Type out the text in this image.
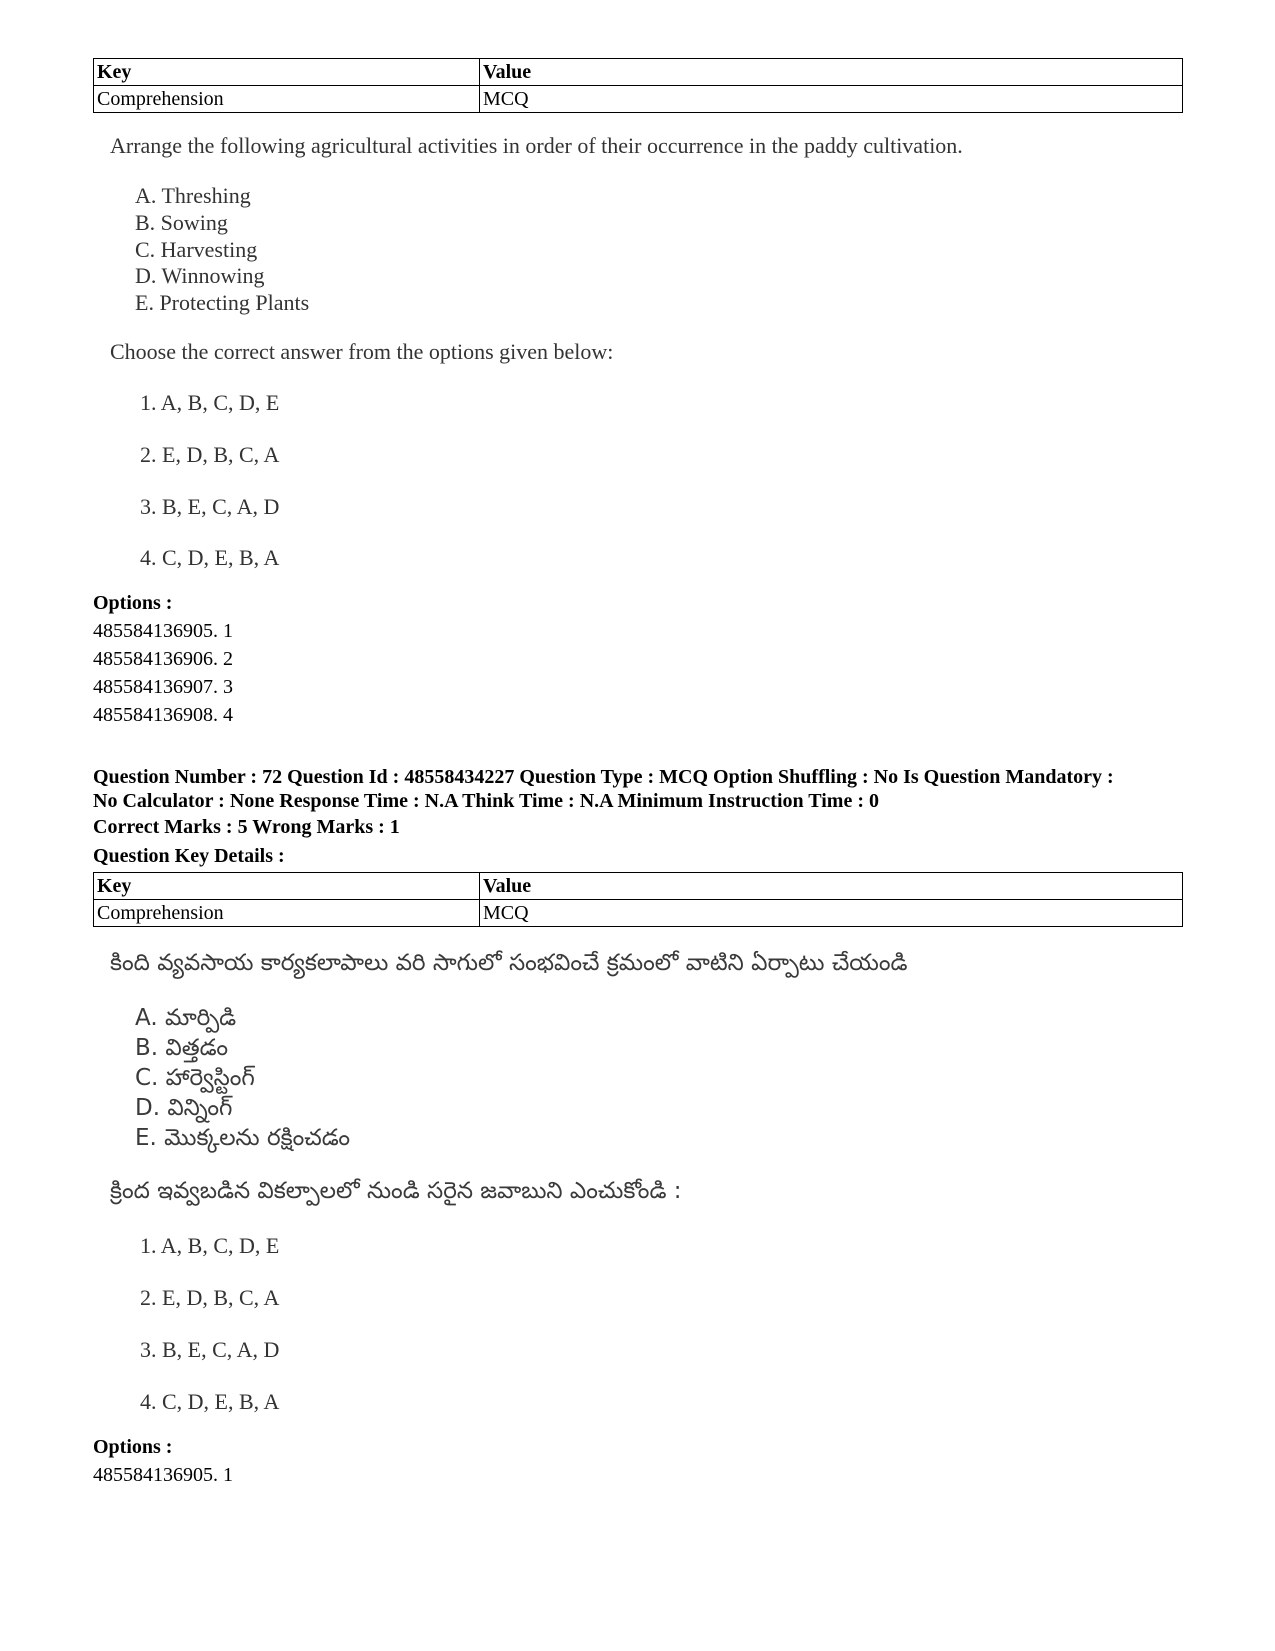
Key	Value
Comprehension	MCQ
Arrange the following agricultural activities in order of their occurrence in the paddy cultivation.
A. Threshing
B. Sowing
C. Harvesting
D. Winnowing
E. Protecting Plants
Choose the correct answer from the options given below:
1. A, B, C, D, E
2. E, D, B, C, A
3. B, E, C, A, D
4. C, D, E, B, A
Options :
485584136905. 1
485584136906. 2
485584136907. 3
485584136908. 4
Question Number : 72 Question Id : 48558434227 Question Type : MCQ Option Shuffling : No Is Question Mandatory :
No Calculator : None Response Time : N.A Think Time : N.A Minimum Instruction Time : 0
Correct Marks : 5 Wrong Marks : 1
Question Key Details :
Key	Value
Comprehension	MCQ
కింది వ్యవసాయ కార్యకలాపాలు వరి సాగులో సంభవించే క్రమంలో వాటిని ఏర్పాటు చేయండి
A. మార్పిడి
B. విత్తడం
C. హార్వెస్టింగ్
D. విన్నింగ్
E. మొక్కలను రక్షించడం
క్రింద ఇవ్వబడిన వికల్పాలలో నుండి సరైన జవాబుని ఎంచుకోండి :
1. A, B, C, D, E
2. E, D, B, C, A
3. B, E, C, A, D
4. C, D, E, B, A
Options :
485584136905. 1
